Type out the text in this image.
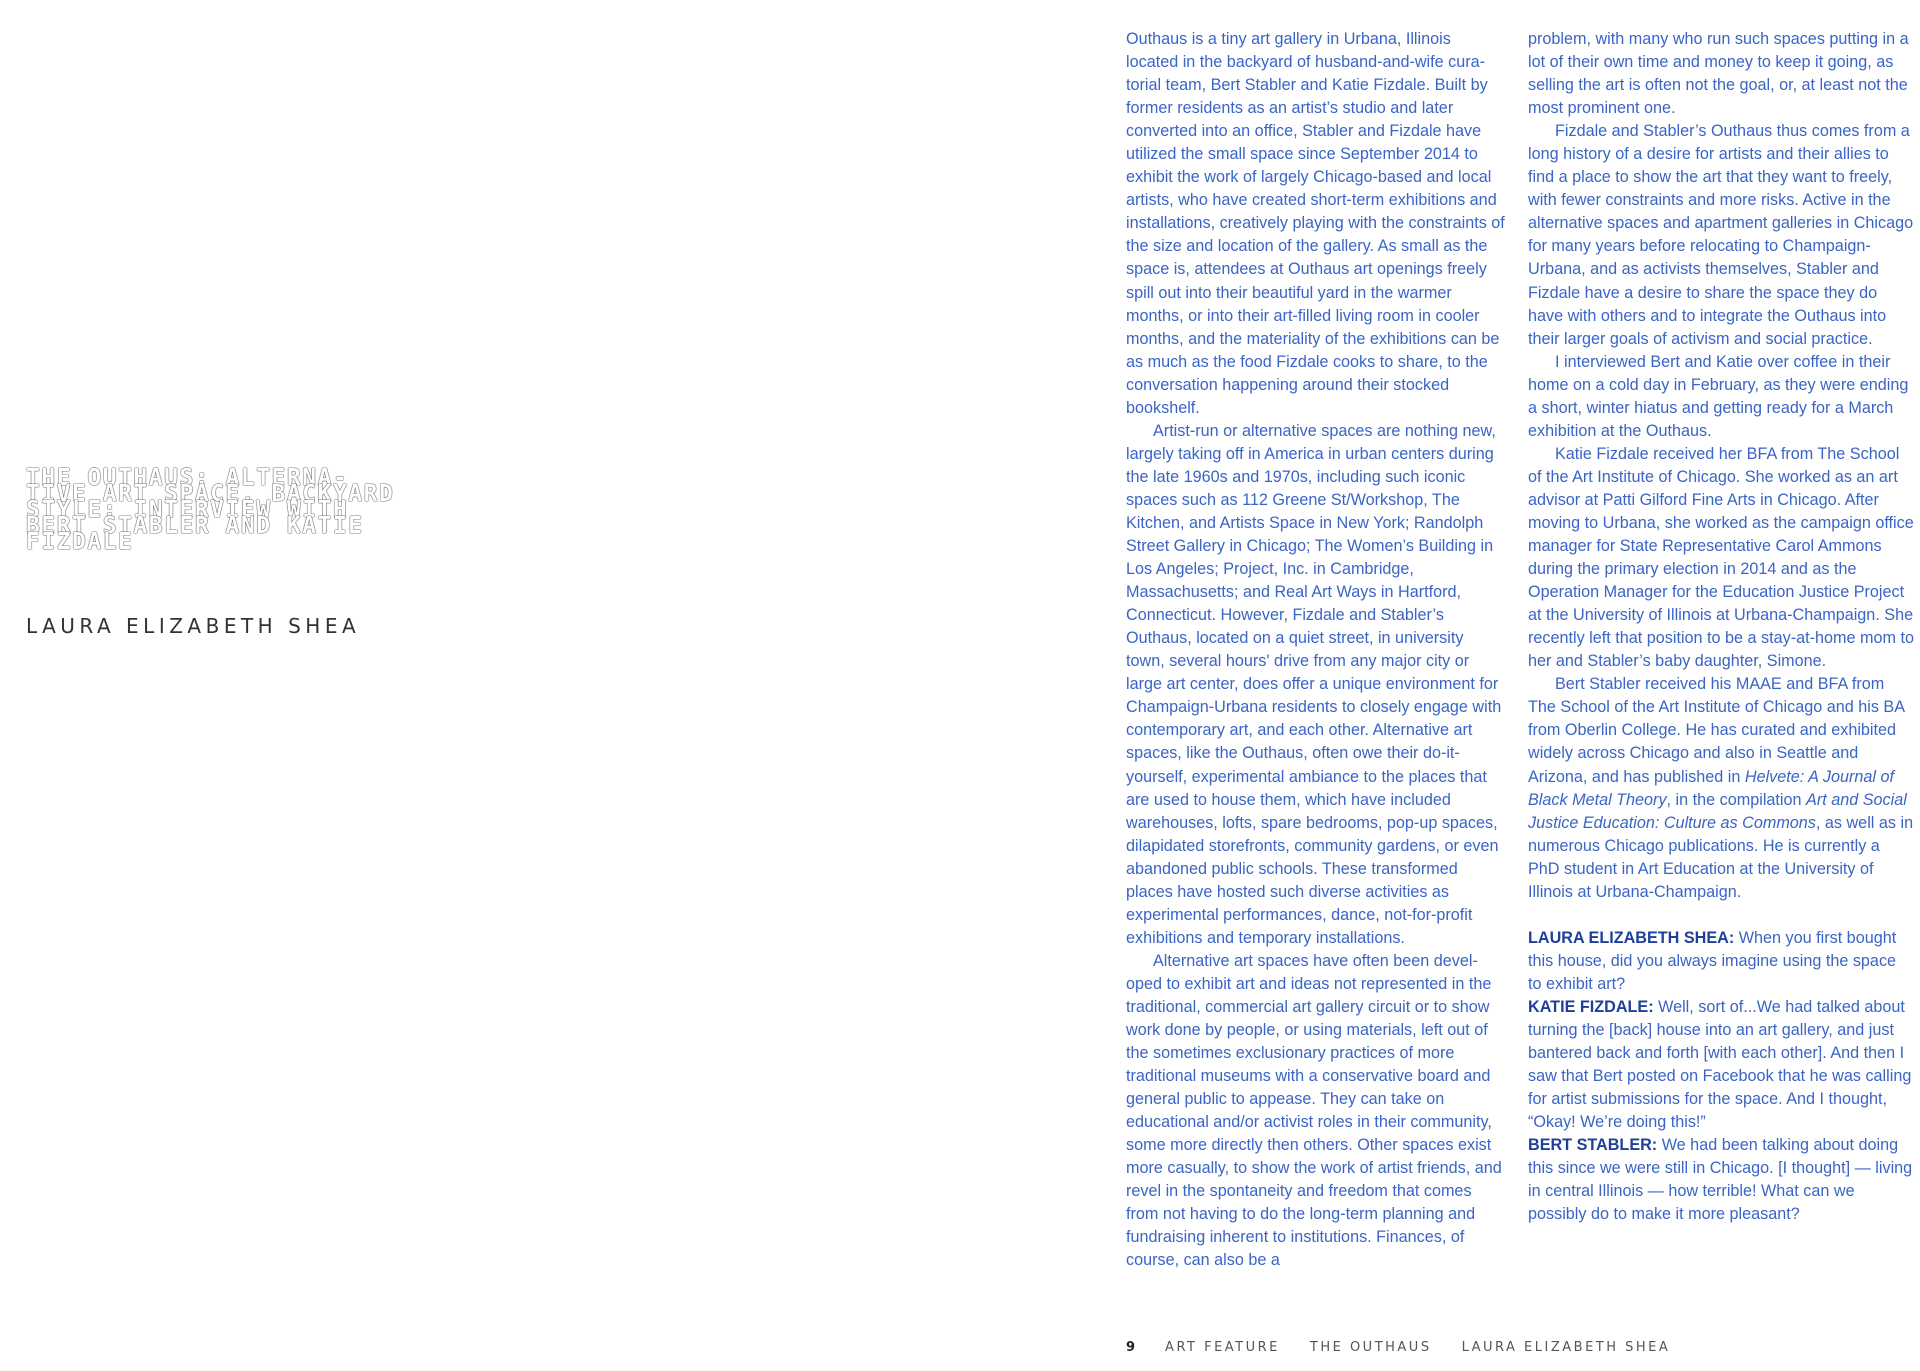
THE OUTHAUS: ALTERNA-
TIVE ART SPACE, BACKYARD
STYLE: INTERVIEW WITH
BERT STABLER AND KATIE
FIZDALE

LAURA ELIZABETH SHEA

Outhaus is a tiny art gallery in Urbana, Illinois located in the backyard of husband-and-wife curatorial team, Bert Stabler and Katie Fizdale. Built by former residents as an artist’s studio and later converted into an office, Stabler and Fizdale have utilized the small space since September 2014 to exhibit the work of largely Chicago-based and local artists, who have created short-term exhibitions and installations, creatively playing with the constraints of the size and location of the gallery. As small as the space is, attendees at Outhaus art openings freely spill out into their beautiful yard in the warmer months, or into their art-filled living room in cooler months, and the materiality of the exhibitions can be as much as the food Fizdale cooks to share, to the conversation happening around their stocked bookshelf.

Artist-run or alternative spaces are nothing new, largely taking off in America in urban centers during the late 1960s and 1970s, including such iconic spaces such as 112 Greene St/Workshop, The Kitchen, and Artists Space in New York; Randolph Street Gallery in Chicago; The Women’s Building in Los Angeles; Project, Inc. in Cambridge, Massachusetts; and Real Art Ways in Hartford, Connecticut. However, Fizdale and Stabler’s Outhaus, located on a quiet street, in university town, several hours' drive from any major city or large art center, does offer a unique environment for Champaign-Urbana residents to closely engage with contemporary art, and each other. Alternative art spaces, like the Outhaus, often owe their do-it-yourself, experimental ambiance to the places that are used to house them, which have included warehouses, lofts, spare bedrooms, pop-up spaces, dilapidated storefronts, community gardens, or even abandoned public schools. These transformed places have hosted such diverse activities as experimental performances, dance, not-for-profit exhibitions and temporary installations.

Alternative art spaces have often been developed to exhibit art and ideas not represented in the traditional, commercial art gallery circuit or to show work done by people, or using materials, left out of the sometimes exclusionary practices of more traditional museums with a conservative board and general public to appease. They can take on educational and/or activist roles in their community, some more directly then others. Other spaces exist more casually, to show the work of artist friends, and revel in the spontaneity and freedom that comes from not having to do the long-term planning and fundraising inherent to institutions. Finances, of course, can also be a

problem, with many who run such spaces putting in a lot of their own time and money to keep it going, as selling the art is often not the goal, or, at least not the most prominent one.

Fizdale and Stabler’s Outhaus thus comes from a long history of a desire for artists and their allies to find a place to show the art that they want to freely, with fewer constraints and more risks. Active in the alternative spaces and apartment galleries in Chicago for many years before relocating to Champaign-Urbana, and as activists themselves, Stabler and Fizdale have a desire to share the space they do have with others and to integrate the Outhaus into their larger goals of activism and social practice.

I interviewed Bert and Katie over coffee in their home on a cold day in February, as they were ending a short, winter hiatus and getting ready for a March exhibition at the Outhaus.

Katie Fizdale received her BFA from The School of the Art Institute of Chicago. She worked as an art advisor at Patti Gilford Fine Arts in Chicago. After moving to Urbana, she worked as the campaign office manager for State Representative Carol Ammons during the primary election in 2014 and as the Operation Manager for the Education Justice Project at the University of Illinois at Urbana-Champaign. She recently left that position to be a stay-at-home mom to her and Stabler’s baby daughter, Simone.

Bert Stabler received his MAAE and BFA from The School of the Art Institute of Chicago and his BA from Oberlin College. He has curated and exhibited widely across Chicago and also in Seattle and Arizona, and has published in Helvete: A Journal of Black Metal Theory, in the compilation Art and Social Justice Education: Culture as Commons, as well as in numerous Chicago publications. He is currently a PhD student in Art Education at the University of Illinois at Urbana-Champaign.

LAURA ELIZABETH SHEA: When you first bought this house, did you always imagine using the space to exhibit art?

KATIE FIZDALE: Well, sort of...We had talked about turning the [back] house into an art gallery, and just bantered back and forth [with each other]. And then I saw that Bert posted on Facebook that he was calling for artist submissions for the space. And I thought, “Okay! We’re doing this!”

BERT STABLER: We had been talking about doing this since we were still in Chicago. [I thought] — living in central Illinois — how terrible! What can we possibly do to make it more pleasant?

9 ART FEATURE THE OUTHAUS LAURA ELIZABETH SHEA
